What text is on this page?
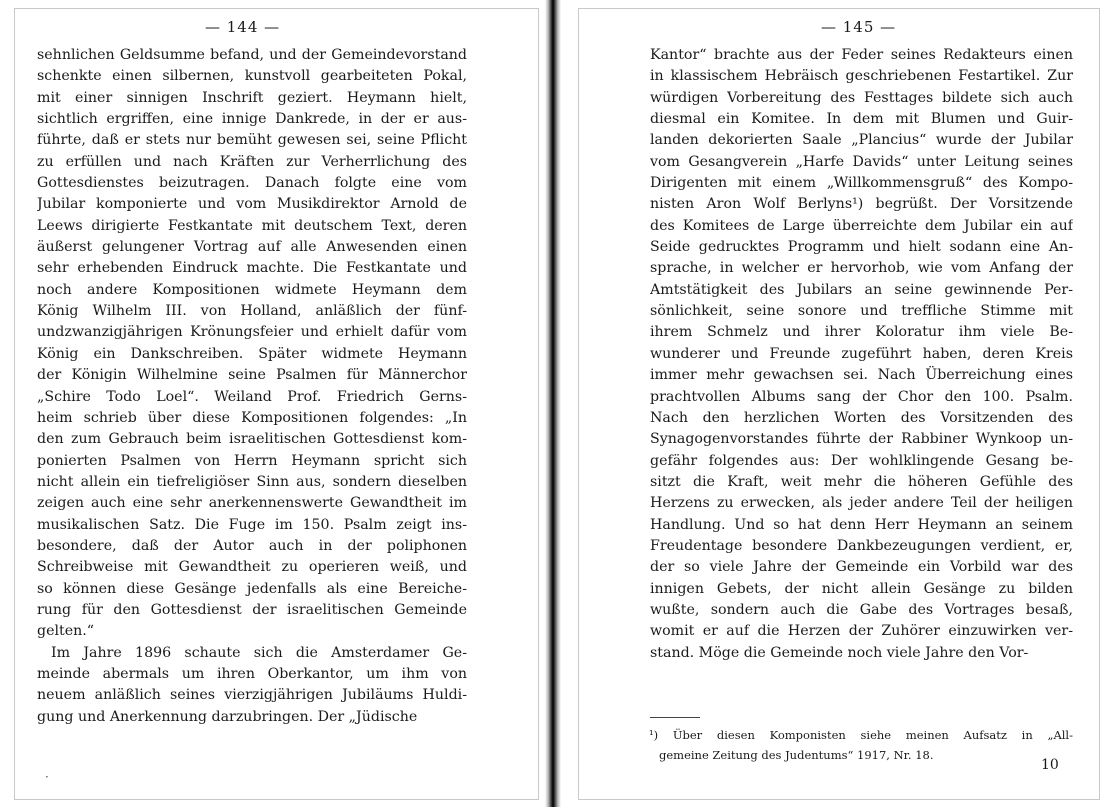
— 144 —
sehnlichen Geldsumme befand, und der Gemeindevorstand
schenkte einen silbernen, kunstvoll gearbeiteten Pokal,
mit einer sinnigen Inschrift geziert. Heymann hielt,
sichtlich ergriffen, eine innige Dankrede, in der er aus-
führte, daß er stets nur bemüht gewesen sei, seine Pflicht
zu erfüllen und nach Kräften zur Verherrlichung des
Gottesdienstes beizutragen. Danach folgte eine vom
Jubilar komponierte und vom Musikdirektor Arnold de
Leews dirigierte Festkantate mit deutschem Text, deren
äußerst gelungener Vortrag auf alle Anwesenden einen
sehr erhebenden Eindruck machte. Die Festkantate und
noch andere Kompositionen widmete Heymann dem
König Wilhelm III. von Holland, anläßlich der fünf-
undzwanzigjährigen Krönungsfeier und erhielt dafür vom
König ein Dankschreiben. Später widmete Heymann
der Königin Wilhelmine seine Psalmen für Männerchor
„Schire Todo Loel“. Weiland Prof. Friedrich Gerns-
heim schrieb über diese Kompositionen folgendes: „In
den zum Gebrauch beim israelitischen Gottesdienst kom-
ponierten Psalmen von Herrn Heymann spricht sich
nicht allein ein tiefreligiöser Sinn aus, sondern dieselben
zeigen auch eine sehr anerkennenswerte Gewandtheit im
musikalischen Satz. Die Fuge im 150. Psalm zeigt ins-
besondere, daß der Autor auch in der poliphonen
Schreibweise mit Gewandtheit zu operieren weiß, und
so können diese Gesänge jedenfalls als eine Bereiche-
rung für den Gottesdienst der israelitischen Gemeinde
gelten.“
Im Jahre 1896 schaute sich die Amsterdamer Ge-
meinde abermals um ihren Oberkantor, um ihm von
neuem anläßlich seines vierzigjährigen Jubiläums Huldi-
gung und Anerkennung darzubringen. Der „Jüdische
·
— 145 —
Kantor“ brachte aus der Feder seines Redakteurs einen
in klassischem Hebräisch geschriebenen Festartikel. Zur
würdigen Vorbereitung des Festtages bildete sich auch
diesmal ein Komitee. In dem mit Blumen und Guir-
landen dekorierten Saale „Plancius“ wurde der Jubilar
vom Gesangverein „Harfe Davids“ unter Leitung seines
Dirigenten mit einem „Willkommensgruß“ des Kompo-
nisten Aron Wolf Berlyns¹) begrüßt. Der Vorsitzende
des Komitees de Large überreichte dem Jubilar ein auf
Seide gedrucktes Programm und hielt sodann eine An-
sprache, in welcher er hervorhob, wie vom Anfang der
Amtstätigkeit des Jubilars an seine gewinnende Per-
sönlichkeit, seine sonore und treffliche Stimme mit
ihrem Schmelz und ihrer Koloratur ihm viele Be-
wunderer und Freunde zugeführt haben, deren Kreis
immer mehr gewachsen sei. Nach Überreichung eines
prachtvollen Albums sang der Chor den 100. Psalm.
Nach den herzlichen Worten des Vorsitzenden des
Synagogenvorstandes führte der Rabbiner Wynkoop un-
gefähr folgendes aus: Der wohlklingende Gesang be-
sitzt die Kraft, weit mehr die höheren Gefühle des
Herzens zu erwecken, als jeder andere Teil der heiligen
Handlung. Und so hat denn Herr Heymann an seinem
Freudentage besondere Dankbezeugungen verdient, er,
der so viele Jahre der Gemeinde ein Vorbild war des
innigen Gebets, der nicht allein Gesänge zu bilden
wußte, sondern auch die Gabe des Vortrages besaß,
womit er auf die Herzen der Zuhörer einzuwirken ver-
stand. Möge die Gemeinde noch viele Jahre den Vor-
¹) Über diesen Komponisten siehe meinen Aufsatz in „All-
gemeine Zeitung des Judentums“ 1917, Nr. 18.
10
